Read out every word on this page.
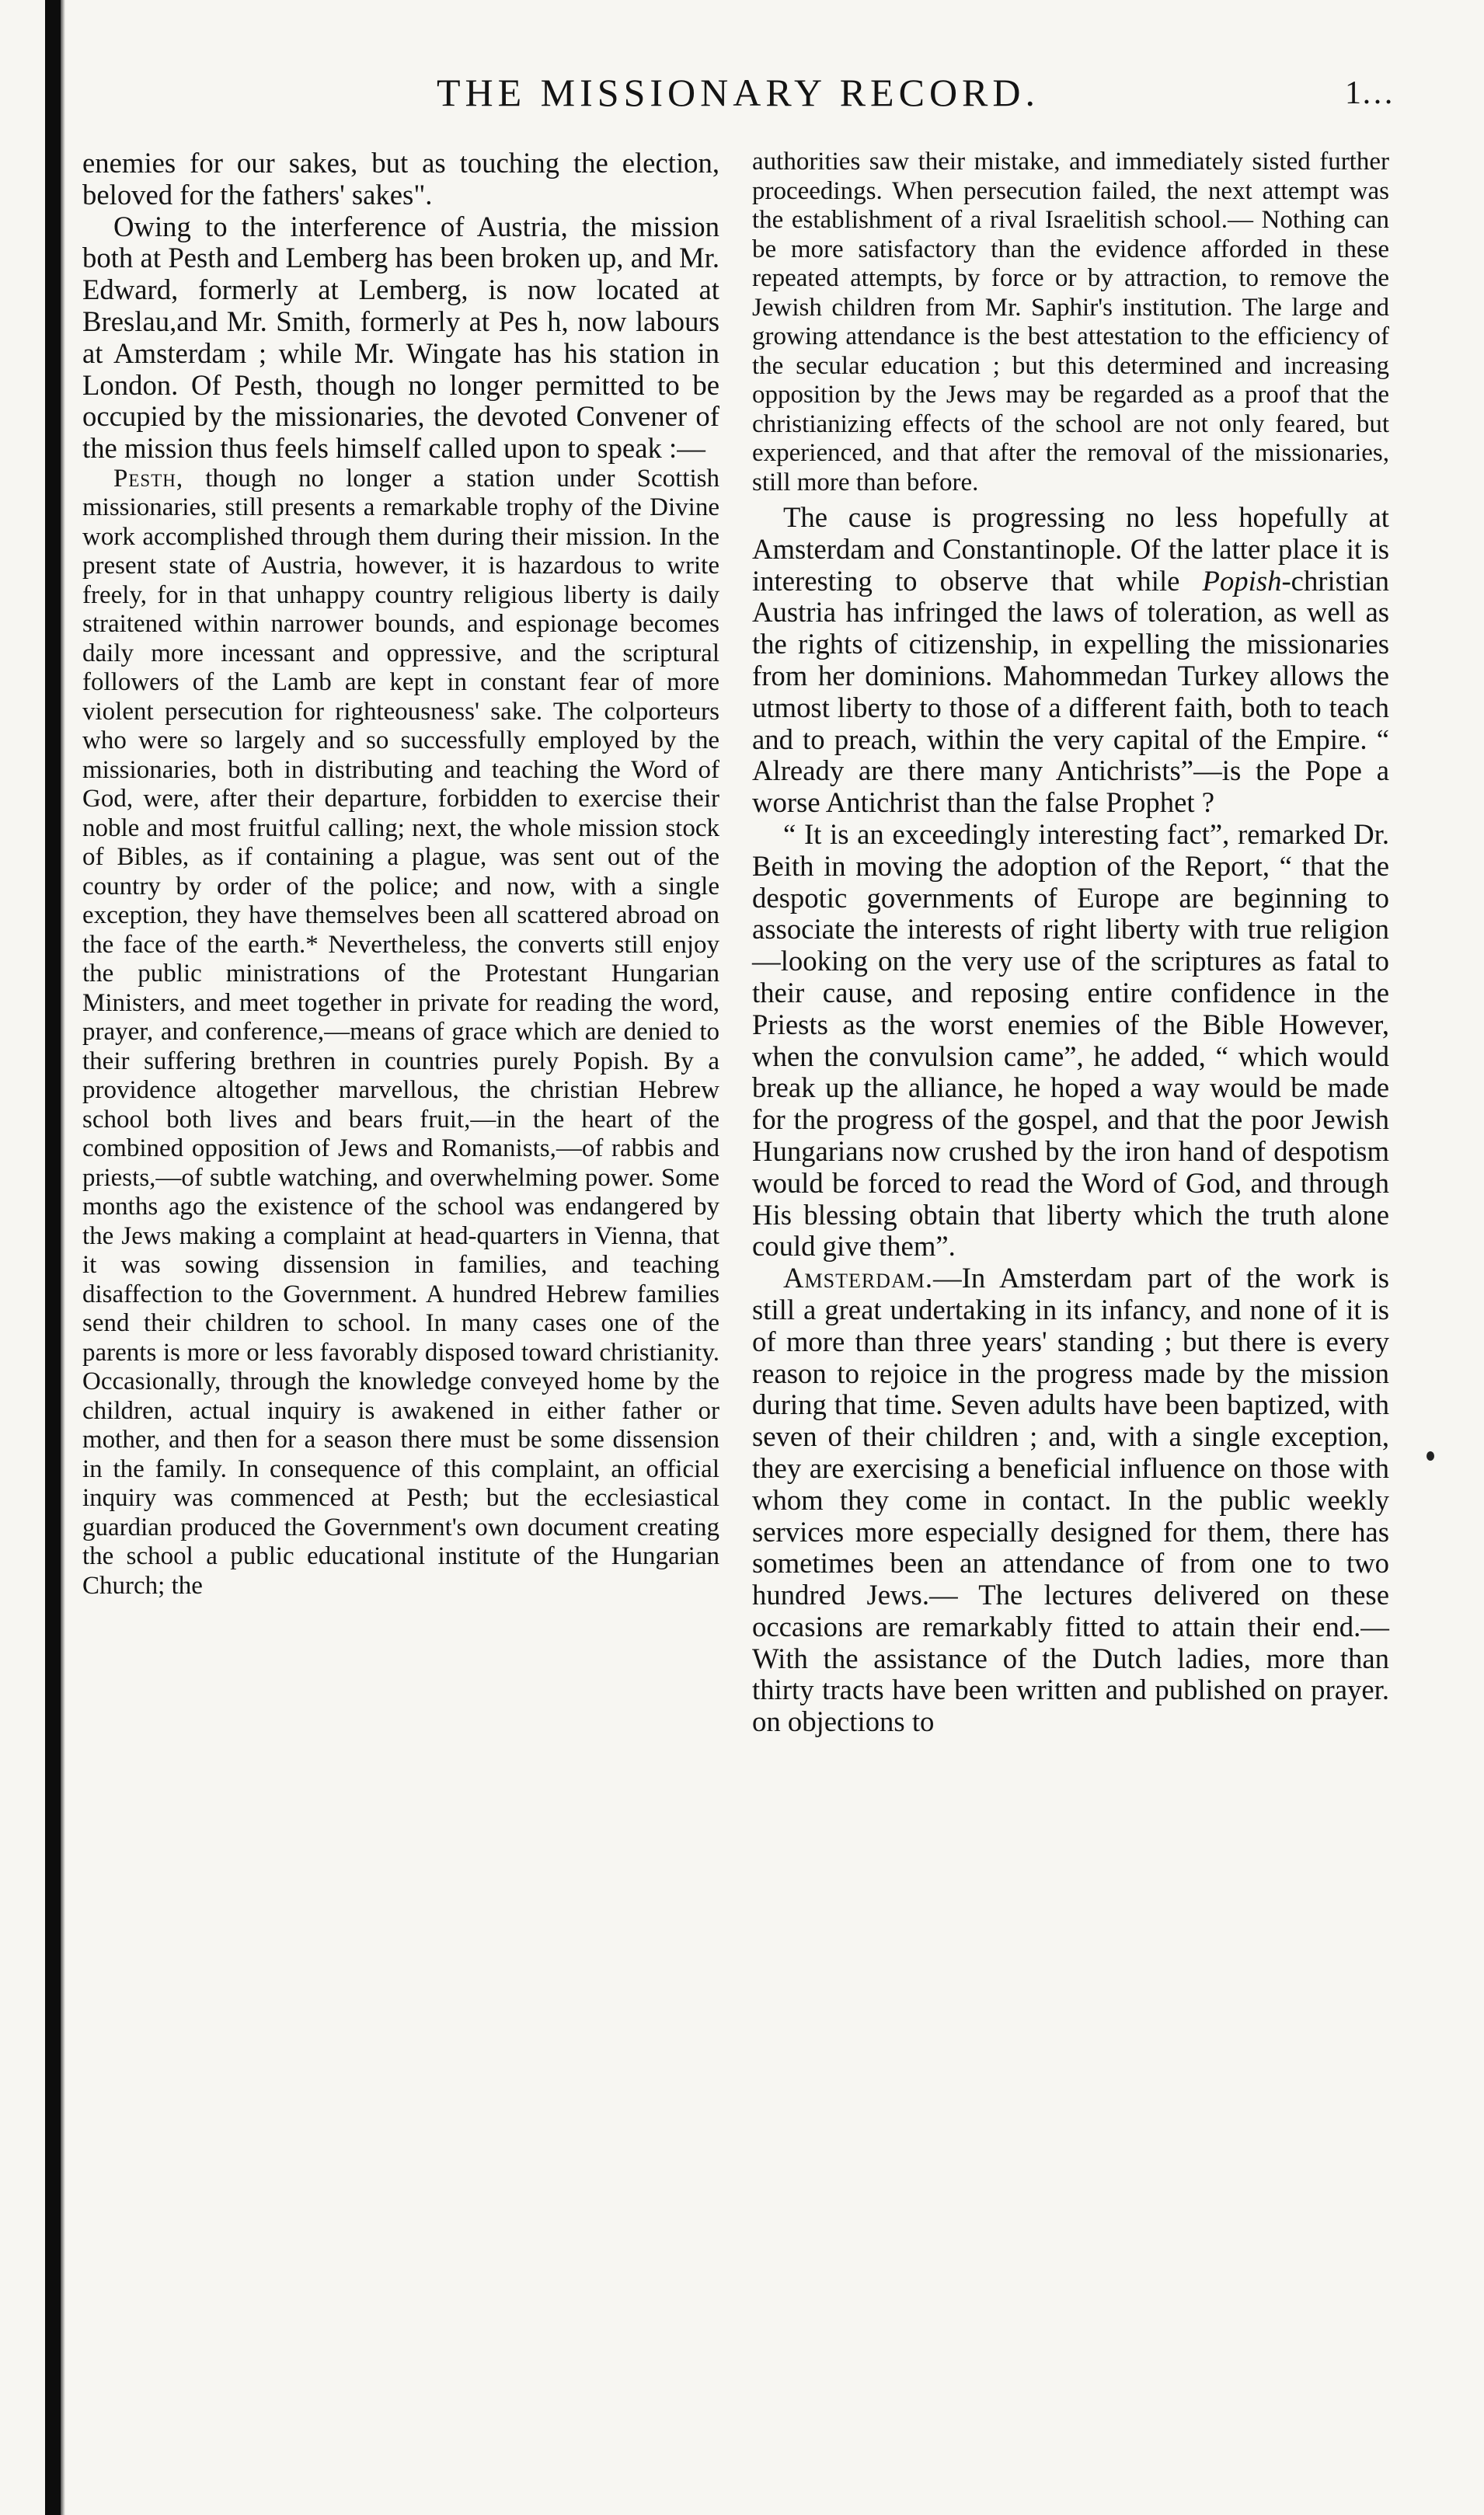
THE MISSIONARY RECORD.	1…

enemies for our sakes, but as touching the election, beloved for the fathers' sakes".

Owing to the interference of Austria, the mission both at Pesth and Lemberg has been broken up, and Mr. Edward, formerly at Lemberg, is now located at Breslau,and Mr. Smith, formerly at Pes h, now labours at Amsterdam ; while Mr. Wingate has his station in London. Of Pesth, though no longer permitted to be occupied by the missionaries, the devoted Convener of the mission thus feels himself called upon to speak :—

Pesth, though no longer a station under Scottish missionaries, still presents a remarkable trophy of the Divine work accomplished through them during their mission. In the present state of Austria, however, it is hazardous to write freely, for in that unhappy country religious liberty is daily straitened within narrower bounds, and espionage becomes daily more incessant and oppressive, and the scriptural followers of the Lamb are kept in constant fear of more violent persecution for righteousness' sake. The colporteurs who were so largely and so successfully employed by the missionaries, both in distributing and teaching the Word of God, were, after their departure, forbidden to exercise their noble and most fruitful calling; next, the whole mission stock of Bibles, as if containing a plague, was sent out of the country by order of the police; and now, with a single exception, they have themselves been all scattered abroad on the face of the earth.* Nevertheless, the converts still enjoy the public ministrations of the Protestant Hungarian Ministers, and meet together in private for reading the word, prayer, and conference,—means of grace which are denied to their suffering brethren in countries purely Popish. By a providence altogether marvellous, the christian Hebrew school both lives and bears fruit,—in the heart of the combined opposition of Jews and Romanists,—of rabbis and priests,—of subtle watching, and overwhelming power. Some months ago the existence of the school was endangered by the Jews making a complaint at head-quarters in Vienna, that it was sowing dissension in families, and teaching disaffection to the Government. A hundred Hebrew families send their children to school. In many cases one of the parents is more or less favorably disposed toward christianity. Occasionally, through the knowledge conveyed home by the children, actual inquiry is awakened in either father or mother, and then for a season there must be some dissension in the family. In consequence of this complaint, an official inquiry was commenced at Pesth; but the ecclesiastical guardian produced the Government's own document creating the school a public educational institute of the Hungarian Church; the
authorities saw their mistake, and immediately sisted further proceedings. When persecution failed, the next attempt was the establishment of a rival Israelitish school.— Nothing can be more satisfactory than the evidence afforded in these repeated attempts, by force or by attraction, to remove the Jewish children from Mr. Saphir's institution. The large and growing attendance is the best attestation to the efficiency of the secular education ; but this determined and increasing opposition by the Jews may be regarded as a proof that the christianizing effects of the school are not only feared, but experienced, and that after the removal of the missionaries, still more than before.

The cause is progressing no less hopefully at Amsterdam and Constantinople. Of the latter place it is interesting to observe that while Popish-christian Austria has infringed the laws of toleration, as well as the rights of citizenship, in expelling the missionaries from her dominions. Mahommedan Turkey allows the utmost liberty to those of a different faith, both to teach and to preach, within the very capital of the Empire. “ Already are there many Antichrists”—is the Pope a worse Antichrist than the false Prophet ?

“ It is an exceedingly interesting fact”, remarked Dr. Beith in moving the adoption of the Report, “ that the despotic governments of Europe are beginning to associate the interests of right liberty with true religion—looking on the very use of the scriptures as fatal to their cause, and reposing entire confidence in the Priests as the worst enemies of the Bible However, when the convulsion came”, he added, “ which would break up the alliance, he hoped a way would be made for the progress of the gospel, and that the poor Jewish Hungarians now crushed by the iron hand of despotism would be forced to read the Word of God, and through His blessing obtain that liberty which the truth alone could give them”.

Amsterdam.—In Amsterdam part of the work is still a great undertaking in its infancy, and none of it is of more than three years' standing ; but there is every reason to rejoice in the progress made by the mission during that time. Seven adults have been baptized, with seven of their children ; and, with a single exception, they are exercising a beneficial influence on those with whom they come in contact. In the public weekly services more especially designed for them, there has sometimes been an attendance of from one to two hundred Jews.— The lectures delivered on these occasions are remarkably fitted to attain their end.— With the assistance of the Dutch ladies, more than thirty tracts have been written and published on prayer. on objections to
